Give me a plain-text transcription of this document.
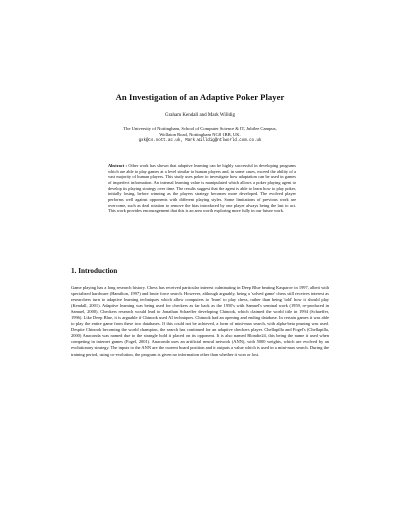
An Investigation of an Adaptive Poker Player
Graham Kendall and Mark Willdig
The University of Nottingham, School of Computer Science & IT, Jubilee Campus,
Wollaton Road, Nottingham NG8 1BB, UK.
gxk@cs.nott.ac.uk, Mark.Willdig@ntlworld.com.co.uk
Abstract : Other work has shown that adaptive learning can be highly successful in developing programs which are able to play games at a level similar to human players and, in some cases, exceed the ability of a vast majority of human players. This study uses poker to investigate how adaptation can be used in games of imperfect information. An internal learning value is manipulated which allows a poker playing agent to develop its playing strategy over time. The results suggest that the agent is able to learn how to play poker, initially losing, before winning as the players strategy becomes more developed. The evolved player performs well against opponents with different playing styles. Some limitations of previous work are overcome, such as deal rotation to remove the bias introduced by one player always being the last to act. This work provides encouragement that this is an area worth exploring more fully in our future work.
1. Introduction

Game playing has a long research history. Chess has received particular interest culminating in Deep Blue beating Kasparov in 1997, albeit with specialized hardware (Hamilton, 1997) and brute force search. However, although arguably, being a 'solved game' chess still receives interest as researchers turn to adaptive learning techniques which allow computers to 'learn' to play chess, rather than being 'told' how it should play (Kendall, 2001). Adaptive learning was being used for checkers as far back as the 1950's with Samuel's seminal work (1959, re-produced in Samuel, 2000). Checkers research would lead to Jonathan Schaeffer developing Chinook, which claimed the world title in 1994 (Schaeffer, 1996). Like Deep Blue, it is arguable if Chinook used AI techniques. Chinook had an opening and ending database. In certain games it was able to play the entire game from these two databases. If this could not be achieved, a form of mini-max search, with alpha-beta pruning was used. Despite Chinook becoming the world champion, the search has continued for an adaptive checkers player. Chellapilla and Fogel's (Chellapilla, 2000) Anaconda was named due to the strangle hold it placed on its opponent. It is also named Blondie24, this being the name it used when competing in internet games (Fogel, 2001). Anaconda uses an artificial neural network (ANN), with 5000 weights, which are evolved by an evolutionary strategy. The inputs to the ANN are the current board position and it outputs a value which is used in a mini-max search. During the training period, using co-evolution, the program is given no information other than whether it won or lost.
